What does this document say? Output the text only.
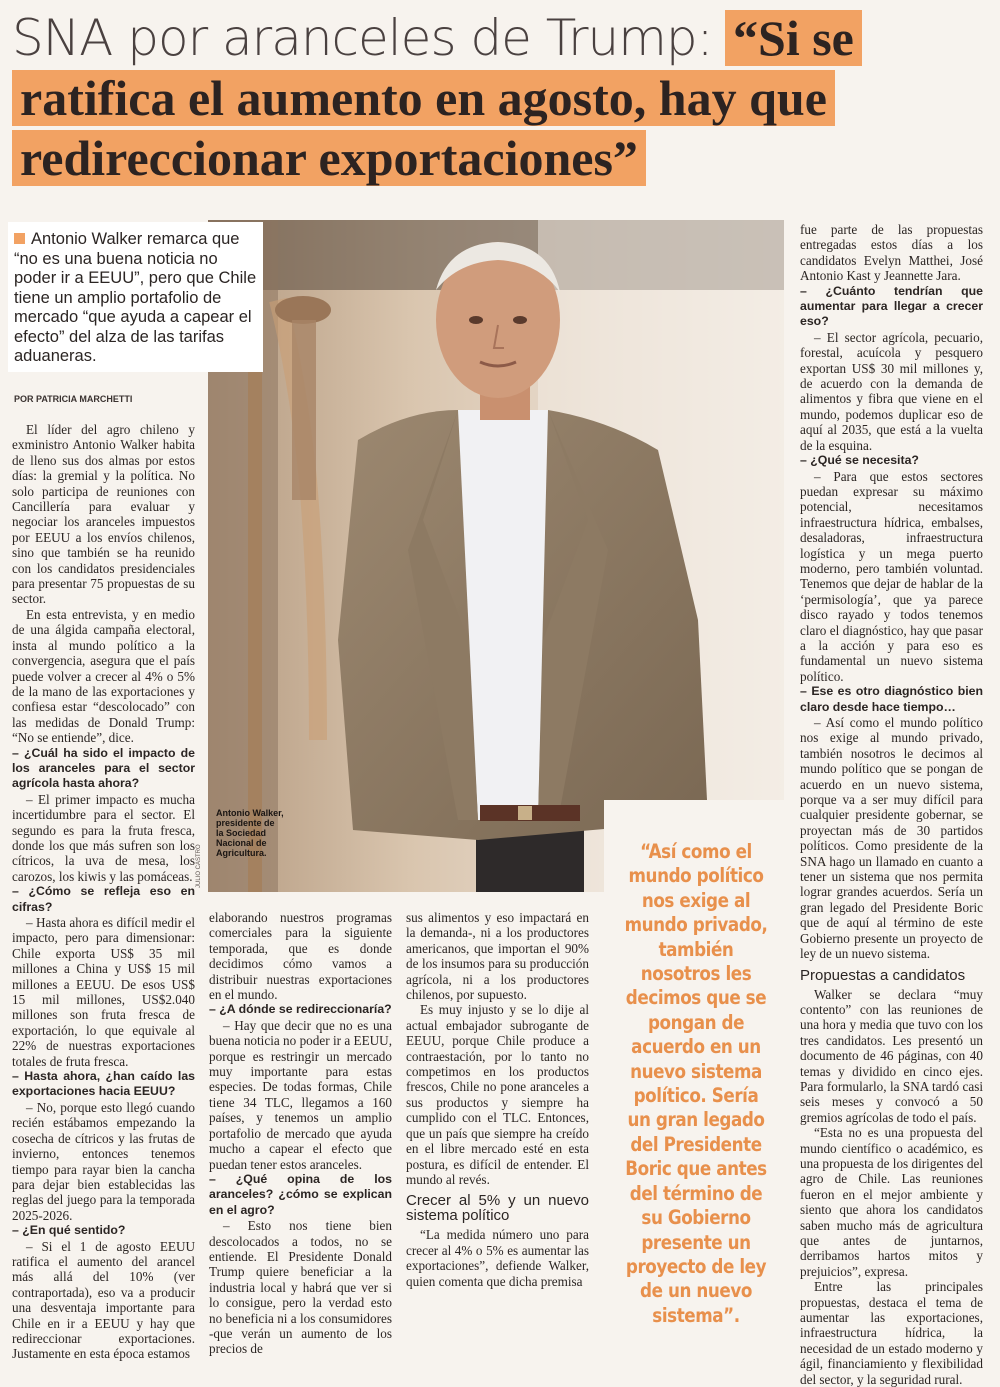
SNA por aranceles de Trump: “Si se ratifica el aumento en agosto, hay que redireccionar exportaciones”
Antonio Walker remarca que “no es una buena noticia no poder ir a EEUU”, pero que Chile tiene un amplio portafolio de mercado “que ayuda a capear el efecto” del alza de las tarifas aduaneras.
POR PATRICIA MARCHETTI
Antonio Walker, presidente de la Sociedad Nacional de Agricultura.
JULIO CASTRO

El líder del agro chileno y exministro Antonio Walker habita de lleno sus dos almas por estos días: la gremial y la política. No solo participa de reuniones con Cancillería para evaluar y negociar los aranceles impuestos por EEUU a los envíos chilenos, sino que también se ha reunido con los candidatos presidenciales para presentar 75 propuestas de su sector.

En esta entrevista, y en medio de una álgida campaña electoral, insta al mundo político a la convergencia, asegura que el país puede volver a crecer al 4% o 5% de la mano de las exportaciones y confiesa estar “descolocado” con las medidas de Donald Trump: “No se entiende”, dice.

– ¿Cuál ha sido el impacto de los aranceles para el sector agrícola hasta ahora?

– El primer impacto es mucha incertidumbre para el sector. El segundo es para la fruta fresca, donde los que más sufren son los cítricos, la uva de mesa, los carozos, los kiwis y las pomáceas.

– ¿Cómo se refleja eso en cifras?

– Hasta ahora es difícil medir el impacto, pero para dimensionar: Chile exporta US$ 35 mil millones a China y US$ 15 mil millones a EEUU. De esos US$ 15 mil millones, US$2.040 millones son fruta fresca de exportación, lo que equivale al 22% de nuestras exportaciones totales de fruta fresca.

– Hasta ahora, ¿han caído las exportaciones hacia EEUU?

– No, porque esto llegó cuando recién estábamos empezando la cosecha de cítricos y las frutas de invierno, entonces tenemos tiempo para rayar bien la cancha para dejar bien establecidas las reglas del juego para la temporada 2025-2026.

– ¿En qué sentido?

– Si el 1 de agosto EEUU ratifica el aumento del arancel más allá del 10% (ver contraportada), eso va a producir una desventaja importante para Chile en ir a EEUU y hay que redireccionar exportaciones. Justamente en esta época estamos

elaborando nuestros programas comerciales para la siguiente temporada, que es donde decidimos cómo vamos a distribuir nuestras exportaciones en el mundo.

– ¿A dónde se redireccionaría?

– Hay que decir que no es una buena noticia no poder ir a EEUU, porque es restringir un mercado muy importante para estas especies. De todas formas, Chile tiene 34 TLC, llegamos a 160 países, y tenemos un amplio portafolio de mercado que ayuda mucho a capear el efecto que puedan tener estos aranceles.

– ¿Qué opina de los aranceles? ¿cómo se explican en el agro?

– Esto nos tiene bien descolocados a todos, no se entiende. El Presidente Donald Trump quiere beneficiar a la industria local y habrá que ver si lo consigue, pero la verdad esto no beneficia ni a los consumidores -que verán un aumento de los precios de

sus alimentos y eso impactará en la demanda-, ni a los productores americanos, que importan el 90% de los insumos para su producción agrícola, ni a los productores chilenos, por supuesto.

Es muy injusto y se lo dije al actual embajador subrogante de EEUU, porque Chile produce a contraestación, por lo tanto no competimos en los productos frescos, Chile no pone aranceles a sus productos y siempre ha cumplido con el TLC. Entonces, que un país que siempre ha creído en el libre mercado esté en esta postura, es difícil de entender. El mundo al revés.

Crecer al 5% y un nuevo sistema político

“La medida número uno para crecer al 4% o 5% es aumentar las exportaciones”, defiende Walker, quien comenta que dicha premisa

fue parte de las propuestas entregadas estos días a los candidatos Evelyn Matthei, José Antonio Kast y Jeannette Jara.

– ¿Cuánto tendrían que aumentar para llegar a crecer eso?

– El sector agrícola, pecuario, forestal, acuícola y pesquero exportan US$ 30 mil millones y, de acuerdo con la demanda de alimentos y fibra que viene en el mundo, podemos duplicar eso de aquí al 2035, que está a la vuelta de la esquina.

– ¿Qué se necesita?

– Para que estos sectores puedan expresar su máximo potencial, necesitamos infraestructura hídrica, embalses, desaladoras, infraestructura logística y un mega puerto moderno, pero también voluntad. Tenemos que dejar de hablar de la ‘permisología’, que ya parece disco rayado y todos tenemos claro el diagnóstico, hay que pasar a la acción y para eso es fundamental un nuevo sistema político.

– Ese es otro diagnóstico bien claro desde hace tiempo…

– Así como el mundo político nos exige al mundo privado, también nosotros le decimos al mundo político que se pongan de acuerdo en un nuevo sistema, porque va a ser muy difícil para cualquier presidente gobernar, se proyectan más de 30 partidos políticos. Como presidente de la SNA hago un llamado en cuanto a tener un sistema que nos permita lograr grandes acuerdos. Sería un gran legado del Presidente Boric que de aquí al término de este Gobierno presente un proyecto de ley de un nuevo sistema.

Propuestas a candidatos

Walker se declara “muy contento” con las reuniones de una hora y media que tuvo con los tres candidatos. Les presentó un documento de 46 páginas, con 40 temas y dividido en cinco ejes. Para formularlo, la SNA tardó casi seis meses y convocó a 50 gremios agrícolas de todo el país.

“Esta no es una propuesta del mundo científico o académico, es una propuesta de los dirigentes del agro de Chile. Las reuniones fueron en el mejor ambiente y siento que ahora los candidatos saben mucho más de agricultura que antes de juntarnos, derribamos hartos mitos y prejuicios”, expresa.

Entre las principales propuestas, destaca el tema de aumentar las exportaciones, infraestructura hídrica, la necesidad de un estado moderno y ágil, financiamiento y flexibilidad del sector, y la seguridad rural.

“Así como el mundo político nos exige al mundo privado, también nosotros les decimos que se pongan de acuerdo en un nuevo sistema político. Sería un gran legado del Presidente Boric que antes del término de su Gobierno presente un proyecto de ley de un nuevo sistema”.
